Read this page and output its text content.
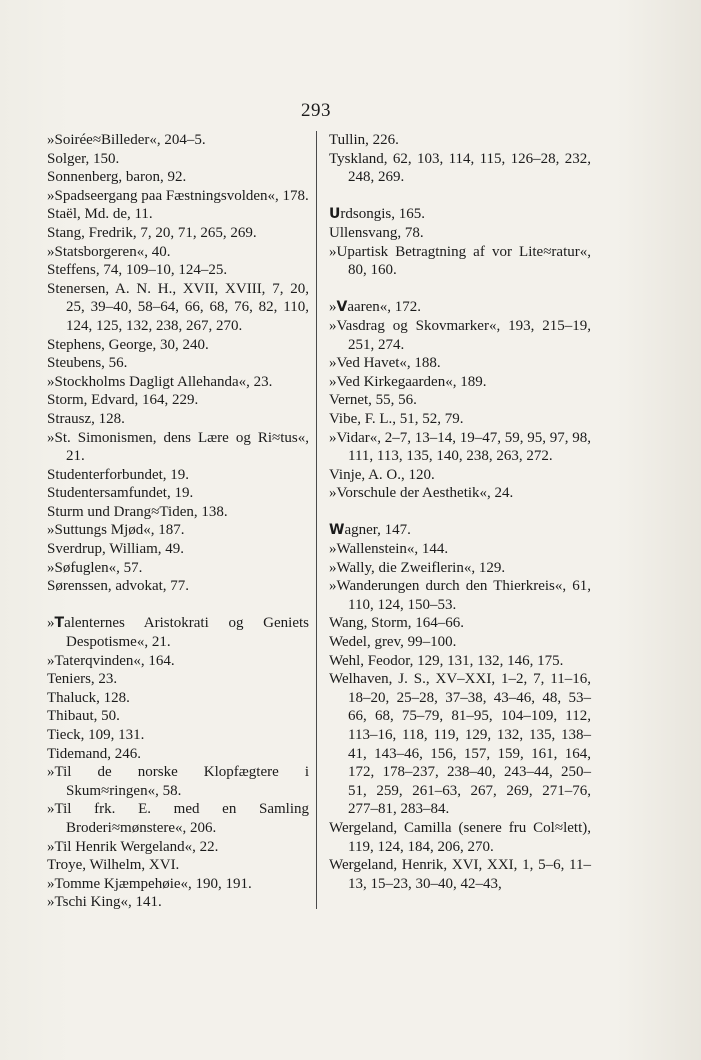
293
»Soirée≈Billeder«, 204–5.
Solger, 150.
Sonnenberg, baron, 92.
»Spadseergang paa Fæstningsvolden«, 178.
Staël, Md. de, 11.
Stang, Fredrik, 7, 20, 71, 265, 269.
»Statsborgeren«, 40.
Steffens, 74, 109–10, 124–25.
Stenersen, A. N. H., XVII, XVIII, 7, 20, 25, 39–40, 58–64, 66, 68, 76, 82, 110, 124, 125, 132, 238, 267, 270.
Stephens, George, 30, 240.
Steubens, 56.
»Stockholms Dagligt Allehanda«, 23.
Storm, Edvard, 164, 229.
Strausz, 128.
»St. Simonismen, dens Lære og Ri≈tus«, 21.
Studenterforbundet, 19.
Studentersamfundet, 19.
Sturm und Drang≈Tiden, 138.
»Suttungs Mjød«, 187.
Sverdrup, William, 49.
»Søfuglen«, 57.
Sørenssen, advokat, 77.
»Talenternes Aristokrati og Geniets Despotisme«, 21.
»Taterqvinden«, 164.
Teniers, 23.
Thaluck, 128.
Thibaut, 50.
Tieck, 109, 131.
Tidemand, 246.
»Til de norske Klopfægtere i Skum≈ringen«, 58.
»Til frk. E. med en Samling Broderi≈mønstere«, 206.
»Til Henrik Wergeland«, 22.
Troye, Wilhelm, XVI.
»Tomme Kjæmpehøie«, 190, 191.
»Tschi King«, 141.
Tullin, 226.
Tyskland, 62, 103, 114, 115, 126–28, 232, 248, 269.
Urdsongis, 165.
Ullensvang, 78.
»Upartisk Betragtning af vor Lite≈ratur«, 80, 160.
»Vaaren«, 172.
»Vasdrag og Skovmarker«, 193, 215–19, 251, 274.
»Ved Havet«, 188.
»Ved Kirkegaarden«, 189.
Vernet, 55, 56.
Vibe, F. L., 51, 52, 79.
»Vidar«, 2–7, 13–14, 19–47, 59, 95, 97, 98, 111, 113, 135, 140, 238, 263, 272.
Vinje, A. O., 120.
»Vorschule der Aesthetik«, 24.
Wagner, 147.
»Wallenstein«, 144.
»Wally, die Zweiflerin«, 129.
»Wanderungen durch den Thierkreis«, 61, 110, 124, 150–53.
Wang, Storm, 164–66.
Wedel, grev, 99–100.
Wehl, Feodor, 129, 131, 132, 146, 175.
Welhaven, J. S., XV–XXI, 1–2, 7, 11–16, 18–20, 25–28, 37–38, 43–46, 48, 53–66, 68, 75–79, 81–95, 104–109, 112, 113–16, 118, 119, 129, 132, 135, 138–41, 143–46, 156, 157, 159, 161, 164, 172, 178–237, 238–40, 243–44, 250–51, 259, 261–63, 267, 269, 271–76, 277–81, 283–84.
Wergeland, Camilla (senere fru Col≈lett), 119, 124, 184, 206, 270.
Wergeland, Henrik, XVI, XXI, 1, 5–6, 11–13, 15–23, 30–40, 42–43,
